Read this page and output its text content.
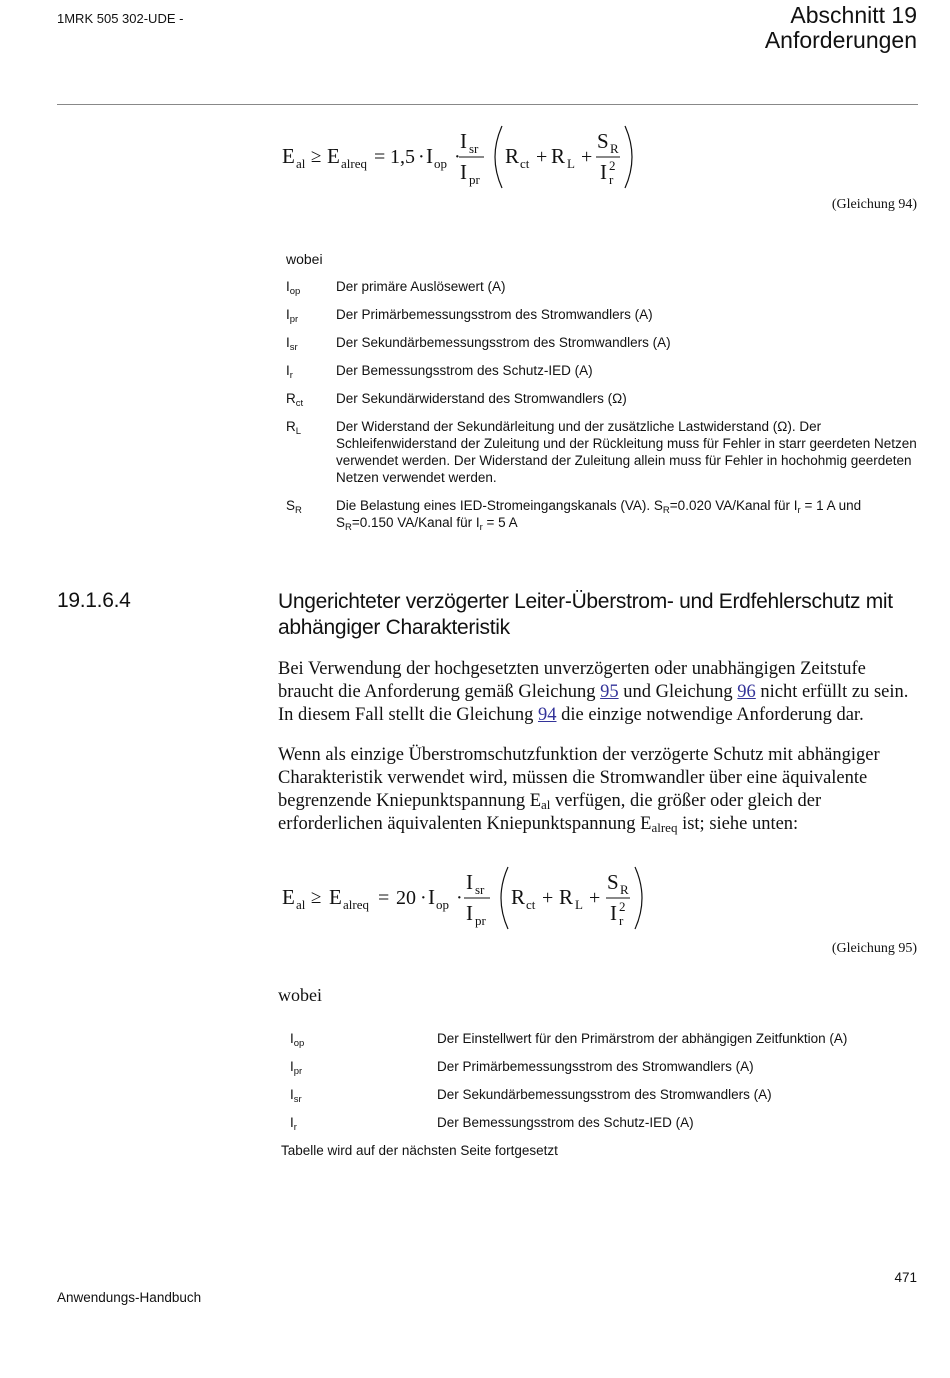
1MRK 505 302-UDE -	Abschnitt 19
Anforderungen
E al ≥ E alreq = 1,5 · I op ·
I sr
I pr
R ct + R L +
S R
I 2
r
(Gleichung 94)
wobei
$I_{op}$	Der primäre Auslösewert (A)
$I_{pr}$	Der Primärbemessungsstrom des Stromwandlers (A)
$I_{sr}$	Der Sekundärbemessungsstrom des Stromwandlers (A)
$I_r$	Der Bemessungsstrom des Schutz-IED (A)
$R_{ct}$	Der Sekundärwiderstand des Stromwandlers (Ω)
$R_L$	Der Widerstand der Sekundärleitung und der zusätzliche Lastwiderstand (Ω). Der Schleifenwiderstand der Zuleitung und der Rückleitung muss für Fehler in starr geerdeten Netzen verwendet werden. Der Widerstand der Zuleitung allein muss für Fehler in hochohmig geerdeten Netzen verwendet werden.
$S_R$	Die Belastung eines IED-Stromeingangskanals (VA). $S_R=0.020$ VA/Kanal für $I_r = 1$ A und
$S_R=0.150$ VA/Kanal für $I_r = 5$ A
19.1.6.4	Ungerichteter verzögerter Leiter-Überstrom- und Erdfehlerschutz mit abhängiger Charakteristik
Bei Verwendung der hochgesetzten unverzögerten oder unabhängigen Zeitstufe braucht die Anforderung gemäß Gleichung 95 und Gleichung 96 nicht erfüllt zu sein. In diesem Fall stellt die Gleichung 94 die einzige notwendige Anforderung dar.
Wenn als einzige Überstromschutzfunktion der verzögerte Schutz mit abhängiger Charakteristik verwendet wird, müssen die Stromwandler über eine äquivalente begrenzende Kniepunktspannung $E_{al}$ verfügen, die größer oder gleich der erforderlichen äquivalenten Kniepunktspannung $E_{alreq}$ ist; siehe unten:
E al ≥ E alreq = 20 · I op ·
I sr
I pr
R ct + R L +
S R
I 2
r
(Gleichung 95)
wobei
$I_{op}$	Der Einstellwert für den Primärstrom der abhängigen Zeitfunktion (A)
$I_{pr}$	Der Primärbemessungsstrom des Stromwandlers (A)
$I_{sr}$	Der Sekundärbemessungsstrom des Stromwandlers (A)
$I_r$	Der Bemessungsstrom des Schutz-IED (A)
Tabelle wird auf der nächsten Seite fortgesetzt
471
Anwendungs-Handbuch
